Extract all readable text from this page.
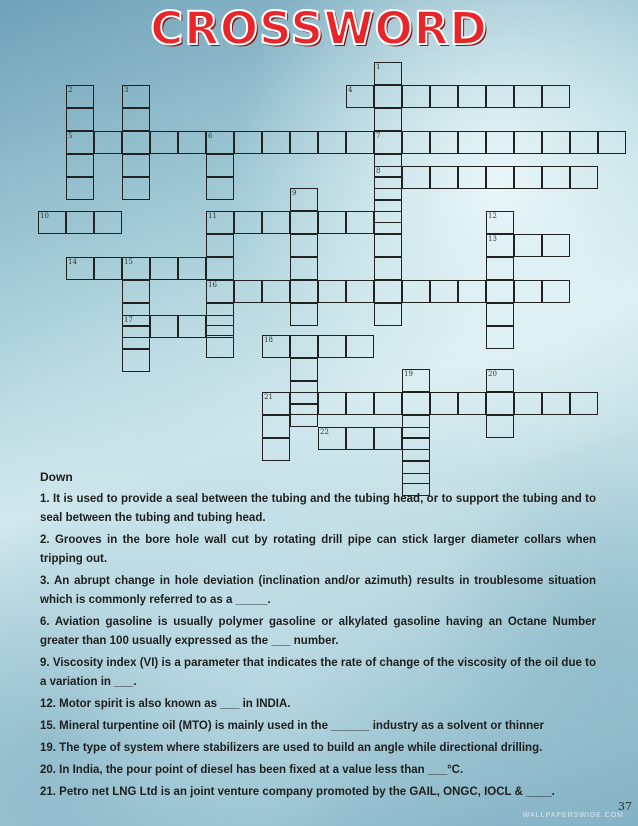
CROSSWORD
1
7
2
5
3	4
6
11
16
8
9
10	12
13
14	15
17
18
19	20
21
22
Down
1. It is used to provide a seal between the tubing and the tubing head, or to support the tubing and to seal between the tubing and tubing head.
2. Grooves in the bore hole wall cut by rotating drill pipe can stick larger diameter collars when tripping out.
3. An abrupt change in hole deviation (inclination and/or azimuth) results in troublesome situation which is commonly referred to as a _____.
6. Aviation gasoline is usually polymer gasoline or alkylated gasoline having an Octane Number greater than 100 usually expressed as the ___ number.
9. Viscosity index (VI) is a parameter that indicates the rate of change of the viscosity of the oil due to a variation in ___.
12. Motor spirit is also known as ___ in INDIA.
15. Mineral turpentine oil (MTO) is mainly used in the ______ industry as a solvent or thinner
19. The type of system where stabilizers are used to build an angle while directional drilling.
20. In India, the pour point of diesel has been fixed at a value less than ___°C.
21. Petro net LNG Ltd is an joint venture company promoted by the GAIL, ONGC, IOCL & ____.
37
WALLPAPERSWIDE.COM
